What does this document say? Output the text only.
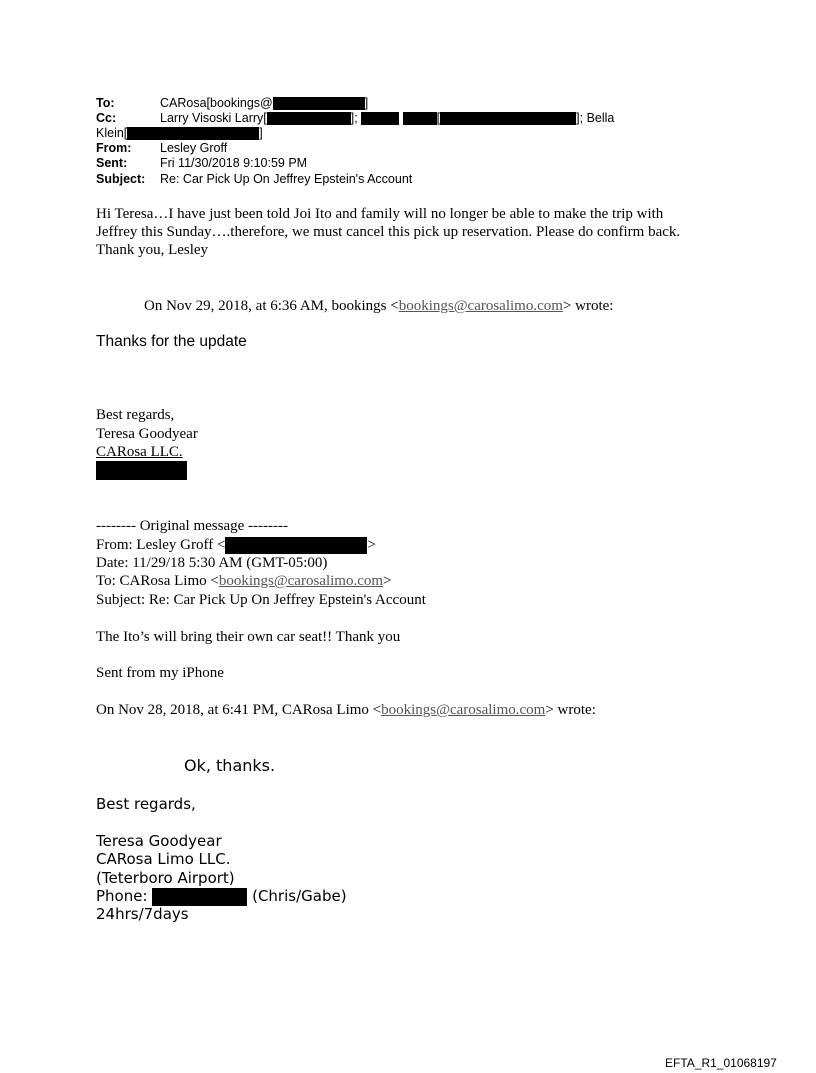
To:	CARosa[bookings@	]
Cc:	Larry Visoski Larry[	];	[	]; Bella
Klein[	]
From: Lesley Groff
Sent:	Fri 11/30/2018 9:10:59 PM
Subject: Re: Car Pick Up On Jeffrey Epstein's Account
Hi Teresa…I have just been told Joi Ito and family will no longer be able to make the trip with
Jeffrey this Sunday….therefore, we must cancel this pick up reservation. Please do confirm back.
Thank you, Lesley
On Nov 29, 2018, at 6:36 AM, bookings <bookings@carosalimo.com> wrote:
Thanks for the update
Best regards,
Teresa Goodyear
CARosa LLC.
-------- Original message --------
From: Lesley Groff <	>
Date: 11/29/18 5:30 AM (GMT-05:00)
To: CARosa Limo <bookings@carosalimo.com>
Subject: Re: Car Pick Up On Jeffrey Epstein's Account
The Ito’s will bring their own car seat!! Thank you
Sent from my iPhone
On Nov 28, 2018, at 6:41 PM, CARosa Limo <bookings@carosalimo.com> wrote:
Ok, thanks.
Best regards,
Teresa Goodyear
CARosa Limo LLC.
(Teterboro Airport)
Phone:	(Chris/Gabe)
24hrs/7days
EFTA_R1_01068197
